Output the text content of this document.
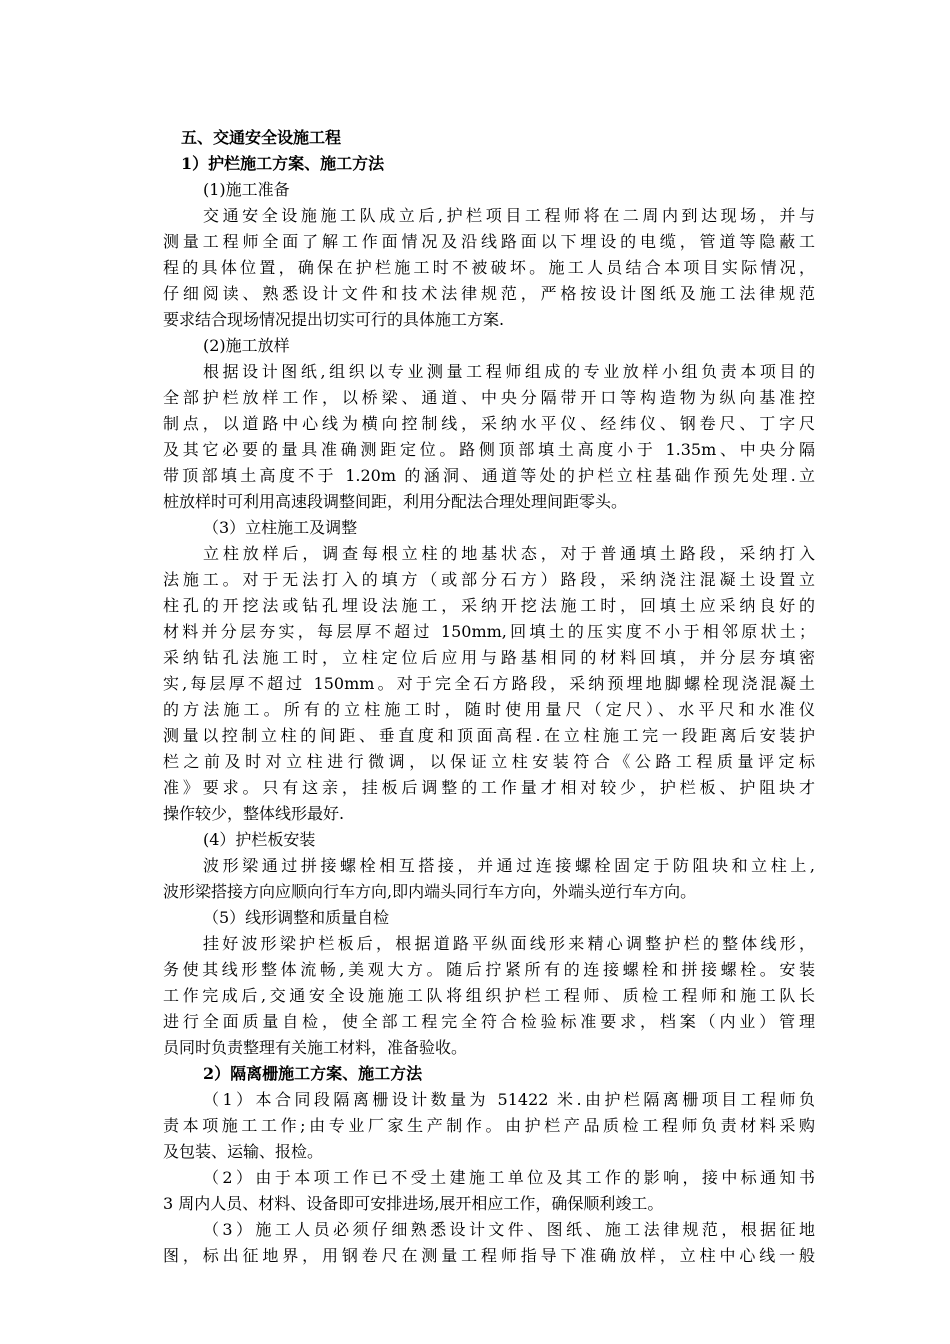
五、交通安全设施工程
1）护栏施工方案、施工方法
(1)施工准备
交通安全设施施工队成立后,护栏项目工程师将在二周内到达现场，并与
测量工程师全面了解工作面情况及沿线路面以下埋设的电缆，管道等隐蔽工
程的具体位置，确保在护栏施工时不被破坏。施工人员结合本项目实际情况，
仔细阅读、熟悉设计文件和技术法律规范，严格按设计图纸及施工法律规范
要求结合现场情况提出切实可行的具体施工方案.
(2)施工放样
根据设计图纸,组织以专业测量工程师组成的专业放样小组负责本项目的
全部护栏放样工作，以桥梁、通道、中央分隔带开口等构造物为纵向基准控
制点，以道路中心线为横向控制线，采纳水平仪、经纬仪、钢卷尺、丁字尺
及其它必要的量具准确测距定位。路侧顶部填土高度小于 1.35m、中央分隔
带顶部填土高度不于 1.20m 的涵洞、通道等处的护栏立柱基础作预先处理.立
桩放样时可利用高速段调整间距，利用分配法合理处理间距零头。
（3）立柱施工及调整
立柱放样后，调查每根立柱的地基状态，对于普通填土路段，采纳打入
法施工。对于无法打入的填方（或部分石方）路段，采纳浇注混凝土设置立
柱孔的开挖法或钻孔埋设法施工，采纳开挖法施工时，回填土应采纳良好的
材料并分层夯实，每层厚不超过 150mm,回填土的压实度不小于相邻原状土；
采纳钻孔法施工时，立柱定位后应用与路基相同的材料回填，并分层夯填密
实,每层厚不超过 150mm。对于完全石方路段，采纳预埋地脚螺栓现浇混凝土
的方法施工。所有的立柱施工时，随时使用量尺（定尺）、水平尺和水准仪
测量以控制立柱的间距、垂直度和顶面高程.在立柱施工完一段距离后安装护
栏之前及时对立柱进行微调，以保证立柱安装符合《公路工程质量评定标
准》要求。只有这亲，挂板后调整的工作量才相对较少，护栏板、护阻块才
操作较少，整体线形最好.
(4）护栏板安装
波形梁通过拼接螺栓相互搭接，并通过连接螺栓固定于防阻块和立柱上,
波形梁搭接方向应顺向行车方向,即内端头同行车方向，外端头逆行车方向。
（5）线形调整和质量自检
挂好波形梁护栏板后，根据道路平纵面线形来精心调整护栏的整体线形，
务使其线形整体流畅,美观大方。随后拧紧所有的连接螺栓和拼接螺栓。安装
工作完成后,交通安全设施施工队将组织护栏工程师、质检工程师和施工队长
进行全面质量自检，使全部工程完全符合检验标准要求，档案（内业）管理
员同时负责整理有关施工材料，准备验收。
2）隔离栅施工方案、施工方法
（1）本合同段隔离栅设计数量为 51422 米.由护栏隔离栅项目工程师负
责本项施工工作;由专业厂家生产制作。由护栏产品质检工程师负责材料采购
及包装、运输、报检。
（2）由于本项工作已不受土建施工单位及其工作的影响，接中标通知书
3 周内人员、材料、设备即可安排进场,展开相应工作，确保顺利竣工。
（3）施工人员必须仔细熟悉设计文件、图纸、施工法律规范，根据征地
图，标出征地界，用钢卷尺在测量工程师指导下准确放样，立柱中心线一般
